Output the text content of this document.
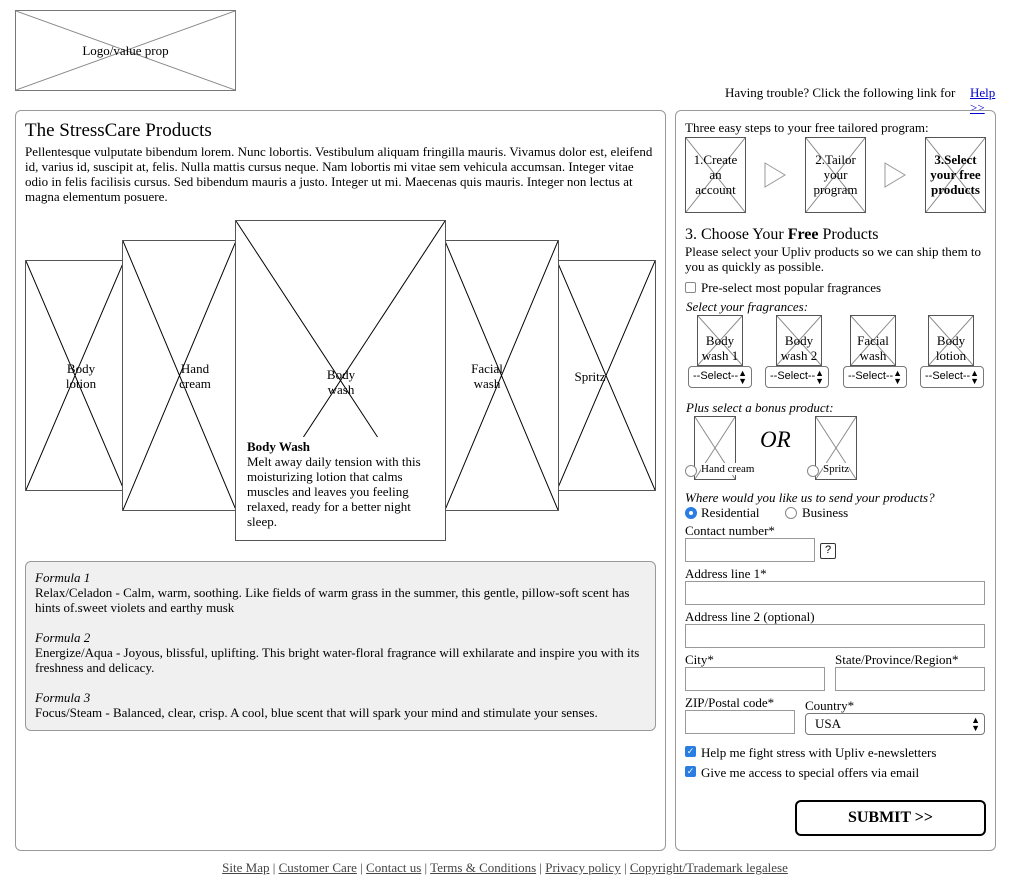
Logo/value prop
Having trouble? Click the following link for Help >>
The StressCare Products
Pellentesque vulputate bibendum lorem. Nunc lobortis. Vestibulum aliquam fringilla mauris. Vivamus dolor est, eleifend id, varius id, suscipit at, felis. Nulla mattis cursus neque. Nam lobortis mi vitae sem vehicula accumsan. Integer vitae odio in felis facilisis cursus. Sed bibendum mauris a justo. Integer ut mi. Maecenas quis mauris. Integer non lectus at magna elementum posuere.
Body lotion	Spritz
Hand cream
Facial wash
Body wash
Body Wash
Melt away daily tension with this moisturizing lotion that calms muscles and leaves you feeling relaxed, ready for a better night sleep.
Formula 1
Relax/Celadon - Calm, warm, soothing. Like fields of warm grass in the summer, this gentle, pillow-soft scent has hints of.sweet violets and earthy musk
Formula 2
Energize/Aqua - Joyous, blissful, uplifting. This bright water-floral fragrance will exhilarate and inspire you with its freshness and delicacy.
Formula 3
Focus/Steam - Balanced, clear, crisp. A cool, blue scent that will spark your mind and stimulate your senses.
Three easy steps to your free tailored program:
1.Create an account
2.Tailor your program
3.Select your free products
3. Choose Your Free Products
Please select your Upliv products so we can ship them to you as quickly as possible.
Pre-select most popular fragrances
Select your fragrances:
Body wash 1
--Select-- ▲
▼
Body wash 2
--Select-- ▲
▼
Facial wash
--Select-- ▲
▼
Body lotion
--Select-- ▲
▼
Plus select a bonus product:
Hand cream
OR
Spritz
Where would you like us to send your products?
Residential	Business
Contact number*
?
Address line 1*
Address line 2 (optional)
City*	State/Province/Region*
ZIP/Postal code* Country*
USA	▲
▼
✓ Help me fight stress with Upliv e-newsletters
✓ Give me access to special offers via email
SUBMIT >>
Site Map | Customer Care | Contact us | Terms & Conditions | Privacy policy | Copyright/Trademark legalese
